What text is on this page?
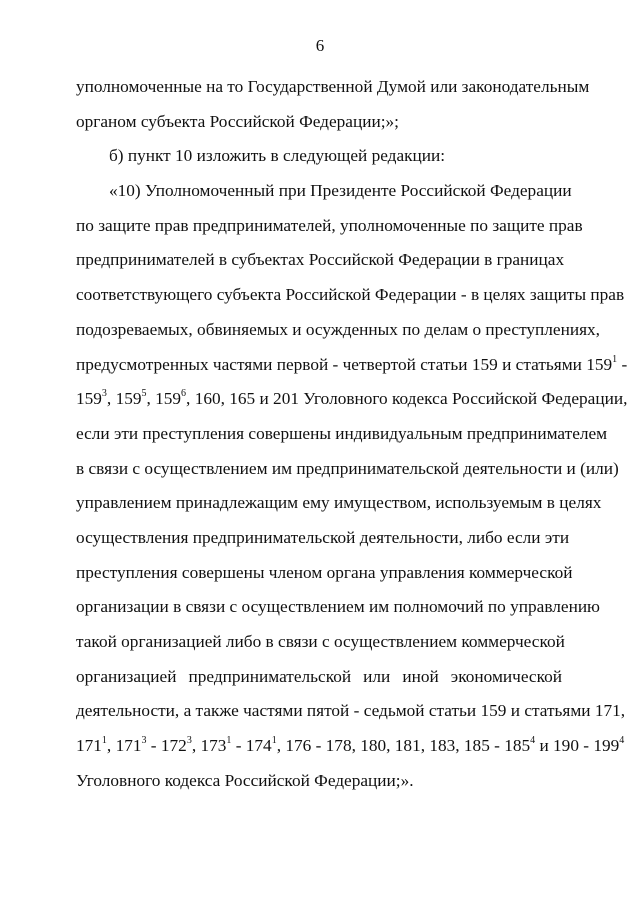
6
уполномоченные на то Государственной Думой или законодательным
органом субъекта Российской Федерации;»;
б) пункт 10 изложить в следующей редакции:
«10) Уполномоченный при Президенте Российской Федерации
по защите прав предпринимателей, уполномоченные по защите прав
предпринимателей в субъектах Российской Федерации в границах
соответствующего субъекта Российской Федерации - в целях защиты прав
подозреваемых, обвиняемых и осужденных по делам о преступлениях,
предусмотренных частями первой - четвертой статьи 159 и статьями $159^1$ -
$159^3$, $159^5$, $159^6$, 160, 165 и 201 Уголовного кодекса Российской Федерации,
если эти преступления совершены индивидуальным предпринимателем
в связи с осуществлением им предпринимательской деятельности и (или)
управлением принадлежащим ему имуществом, используемым в целях
осуществления предпринимательской деятельности, либо если эти
преступления совершены членом органа управления коммерческой
организации в связи с осуществлением им полномочий по управлению
такой организацией либо в связи с осуществлением коммерческой
организацией предпринимательской или иной экономической
деятельности, а также частями пятой - седьмой статьи 159 и статьями 171,
$171^1$, $171^3 - 172^3$, $173^1 - 174^1$, 176 - 178, 180, 181, 183, $185 - 185^4$ и $190 - 199^4$
Уголовного кодекса Российской Федерации;».
